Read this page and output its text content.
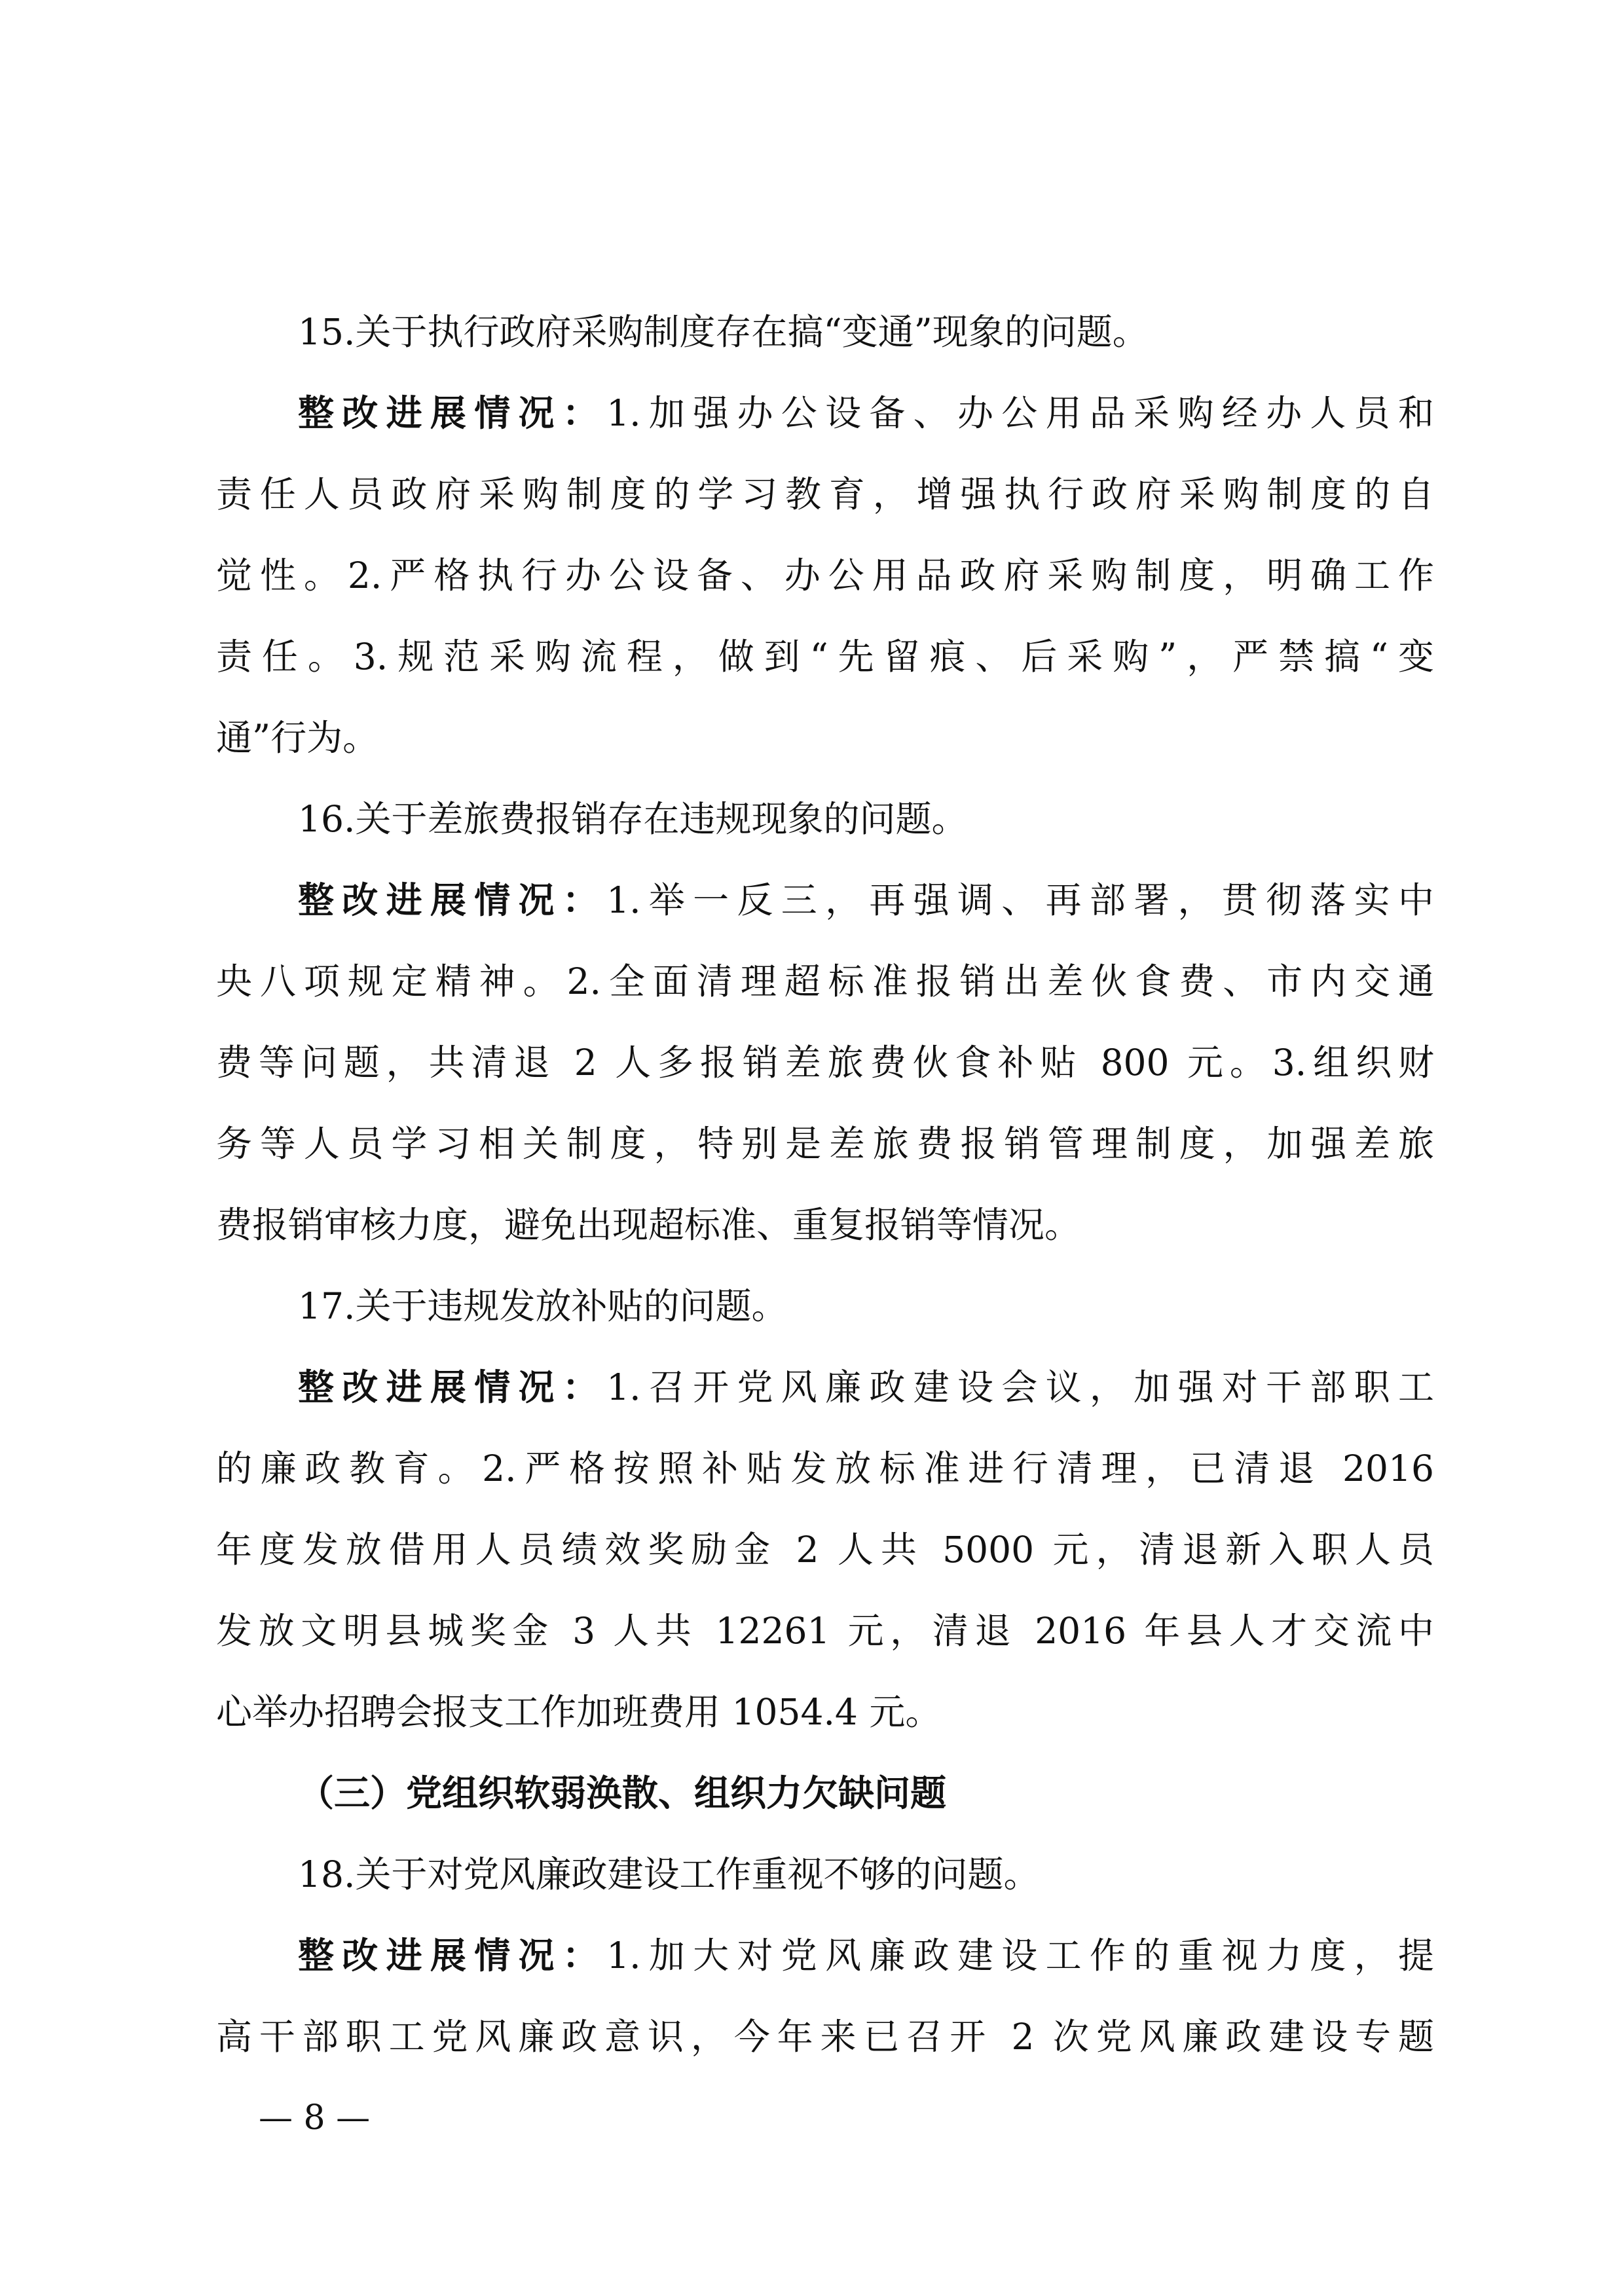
15.关于执行政府采购制度存在搞“变通”现象的问题。
整改进展情况：1.加强办公设备、办公用品采购经办人员和
责任人员政府采购制度的学习教育，增强执行政府采购制度的自
觉性。2.严格执行办公设备、办公用品政府采购制度，明确工作
责任。3.规范采购流程，做到“先留痕、后采购”，严禁搞“变
通”行为。
16.关于差旅费报销存在违规现象的问题。
整改进展情况：1.举一反三，再强调、再部署，贯彻落实中
央八项规定精神。2.全面清理超标准报销出差伙食费、市内交通
费等问题，共清退 2 人多报销差旅费伙食补贴 800 元。3.组织财
务等人员学习相关制度，特别是差旅费报销管理制度，加强差旅
费报销审核力度，避免出现超标准、重复报销等情况。
17.关于违规发放补贴的问题。
整改进展情况：1.召开党风廉政建设会议，加强对干部职工
的廉政教育。2.严格按照补贴发放标准进行清理，已清退 2016
年度发放借用人员绩效奖励金 2 人共 5000 元，清退新入职人员
发放文明县城奖金 3 人共 12261 元，清退 2016 年县人才交流中
心举办招聘会报支工作加班费用 1054.4 元。
（三）党组织软弱涣散、组织力欠缺问题
18.关于对党风廉政建设工作重视不够的问题。
整改进展情况：1.加大对党风廉政建设工作的重视力度，提
高干部职工党风廉政意识，今年来已召开 2 次党风廉政建设专题
— 8 —
